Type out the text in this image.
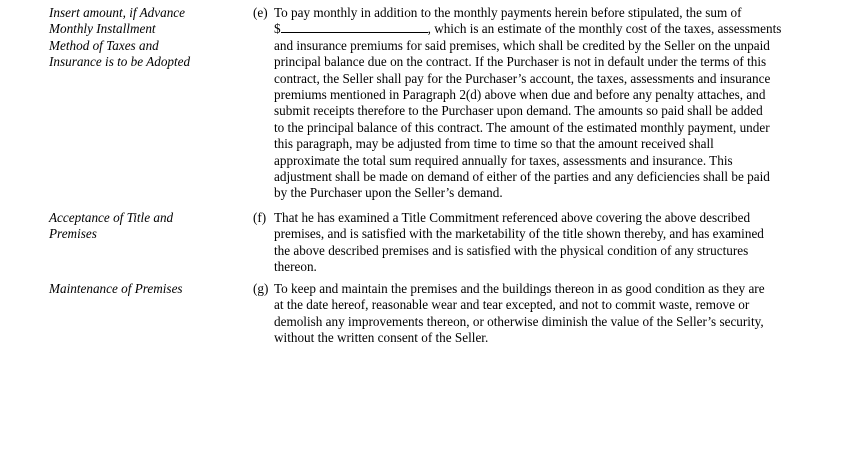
Insert amount, if Advance
Monthly Installment
Method of Taxes and
Insurance is to be Adopted
(e) To pay monthly in addition to the monthly payments herein before stipulated, the sum of
$	, which is an estimate of the monthly cost of the taxes, assessments
and insurance premiums for said premises, which shall be credited by the Seller on the unpaid
principal balance due on the contract. If the Purchaser is not in default under the terms of this
contract, the Seller shall pay for the Purchaser’s account, the taxes, assessments and insurance
premiums mentioned in Paragraph 2(d) above when due and before any penalty attaches, and
submit receipts therefore to the Purchaser upon demand. The amounts so paid shall be added
to the principal balance of this contract. The amount of the estimated monthly payment, under
this paragraph, may be adjusted from time to time so that the amount received shall
approximate the total sum required annually for taxes, assessments and insurance. This
adjustment shall be made on demand of either of the parties and any deficiencies shall be paid
by the Purchaser upon the Seller’s demand.
Acceptance of Title and
Premises
(f) That he has examined a Title Commitment referenced above covering the above described
premises, and is satisfied with the marketability of the title shown thereby, and has examined
the above described premises and is satisfied with the physical condition of any structures
thereon.
Maintenance of Premises	(g) To keep and maintain the premises and the buildings thereon in as good condition as they are
at the date hereof, reasonable wear and tear excepted, and not to commit waste, remove or
demolish any improvements thereon, or otherwise diminish the value of the Seller’s security,
without the written consent of the Seller.
